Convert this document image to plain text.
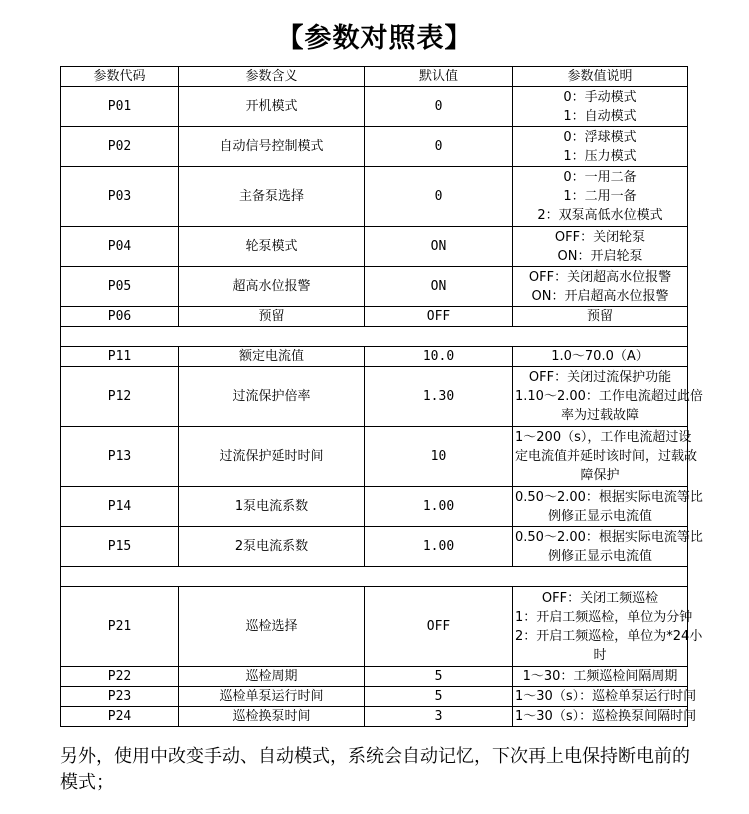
【参数对照表】
参数代码	参数含义	默认值	参数值说明
P01	开机模式	0	0：手动模式
1：自动模式

P02	自动信号控制模式	0	0：浮球模式
1：压力模式

P03	主备泵选择	0	0：一用二备
1：二用一备
2：双泵高低水位模式

P04	轮泵模式	ON	OFF：关闭轮泵
ON：开启轮泵

P05	超高水位报警	ON	OFF：关闭超高水位报警
ON：开启超高水位报警

P06	预留	OFF	预留

P11	额定电流值	10.0	1.0～70.0（A）

P12	过流保护倍率	1.30	OFF：关闭过流保护功能
1.10～2.00：工作电流超过此倍
率为过载故障

P13	过流保护延时时间	10	1～200（s），工作电流超过设
定电流值并延时该时间，过载故
障保护

P14	1泵电流系数	1.00	0.50～2.00：根据实际电流等比
例修正显示电流值

P15	2泵电流系数	1.00	0.50～2.00：根据实际电流等比
例修正显示电流值

P21	巡检选择	OFF	OFF：关闭工频巡检
1：开启工频巡检，单位为分钟
2：开启工频巡检，单位为*24小
时

P22	巡检周期	5	1～30：工频巡检间隔周期

P23	巡检单泵运行时间	5	1～30（s）：巡检单泵运行时间

P24	巡检换泵时间	3	1～30（s）：巡检换泵间隔时间
另外，使用中改变手动、自动模式，系统会自动记忆，下次再上电保持断电前的模式；
